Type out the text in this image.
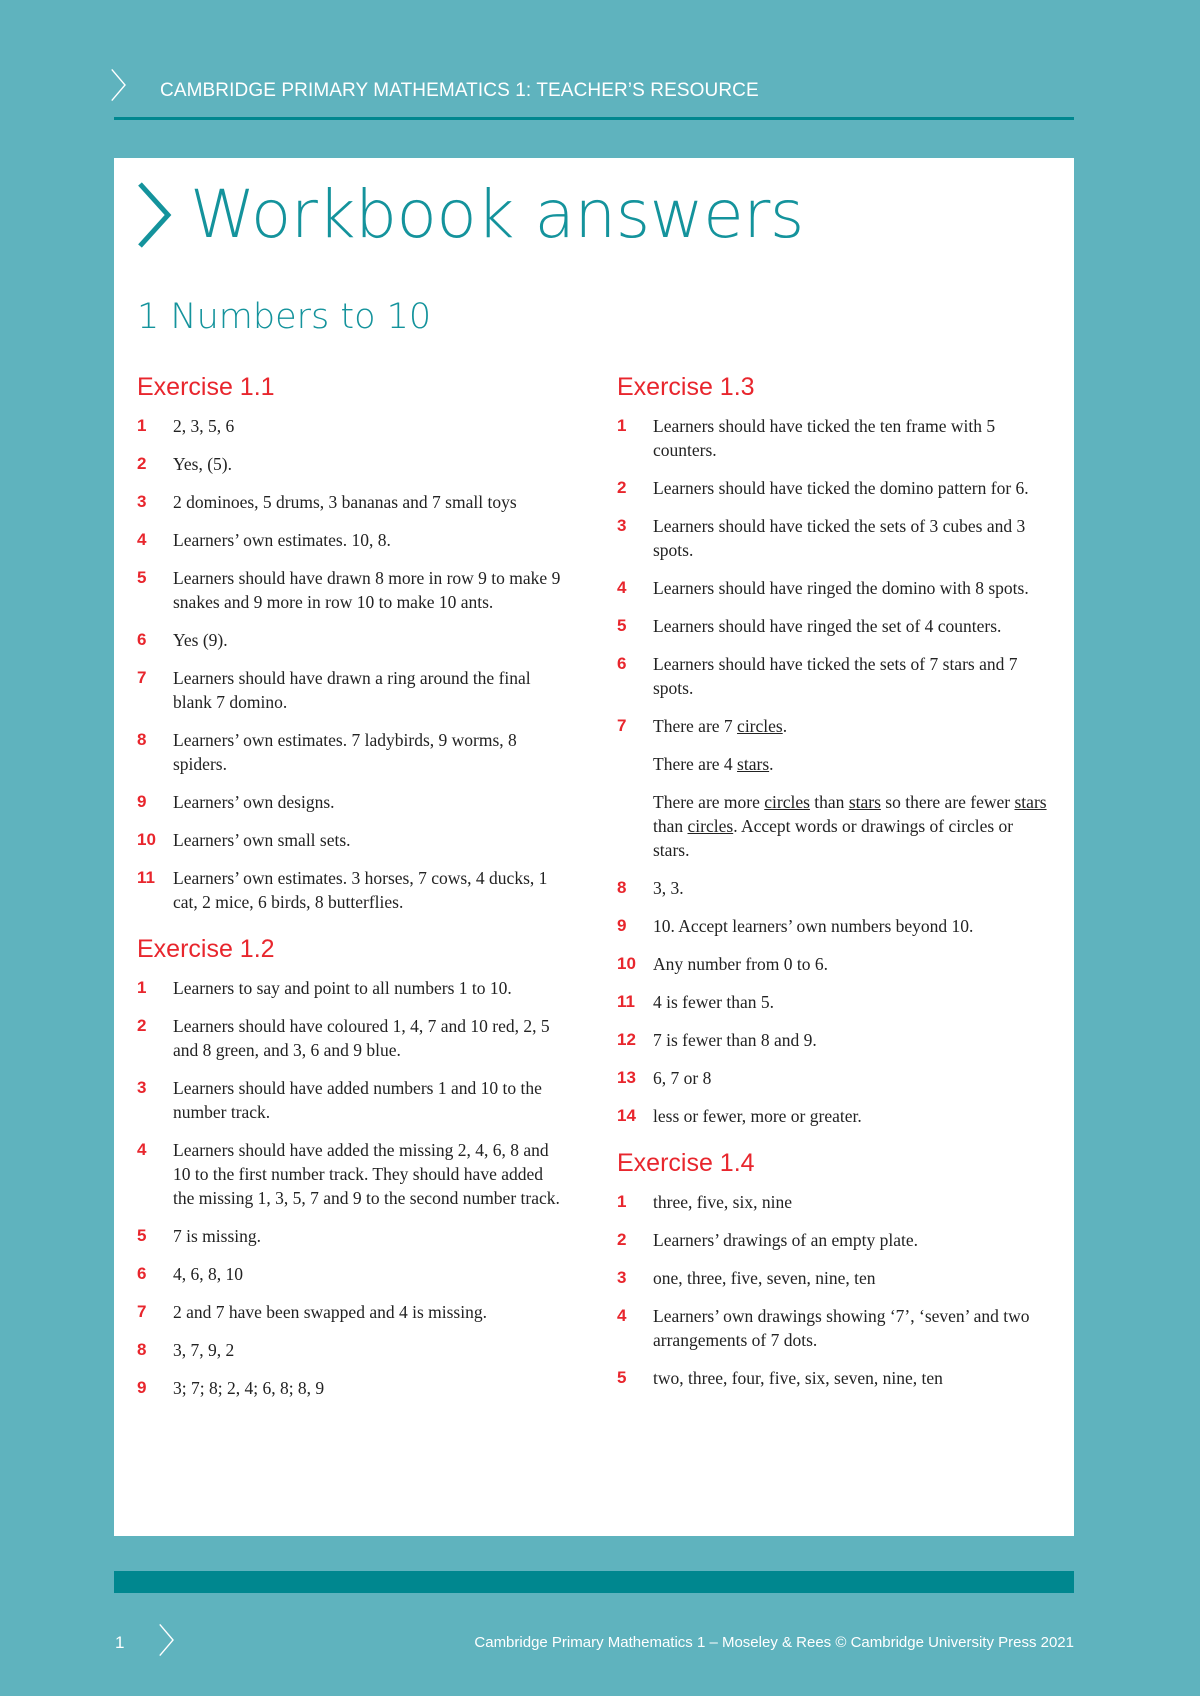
〉 CAMBRIDGE PRIMARY MATHEMATICS 1: TEACHER’S RESOURCE
Workbook answers
1 Numbers to 10
Exercise 1.1
1	2, 3, 5, 6

2	Yes, (5).

3	2 dominoes, 5 drums, 3 bananas and 7 small toys

4	Learners’ own estimates. 10, 8.

5	Learners should have drawn 8 more in row 9 to make 9 snakes and 9 more in row 10 to make 10 ants.

6	Yes (9).

7	Learners should have drawn a ring around the final blank 7 domino.

8	Learners’ own estimates. 7 ladybirds, 9 worms, 8 spiders.

9	Learners’ own designs.

10 Learners’ own small sets.

11	Learners’ own estimates. 3 horses, 7 cows, 4 ducks, 1 cat, 2 mice, 6 birds, 8 butterflies.

Exercise 1.2
1	Learners to say and point to all numbers 1 to 10.

2	Learners should have coloured 1, 4, 7 and 10 red, 2, 5 and 8 green, and 3, 6 and 9 blue.

3	Learners should have added numbers 1 and 10 to the number track.

4	Learners should have added the missing 2, 4, 6, 8 and 10 to the first number track. They should have added the missing 1, 3, 5, 7 and 9 to the second number track.

5	7 is missing.

6	4, 6, 8, 10

7	2 and 7 have been swapped and 4 is missing.

8	3, 7, 9, 2

9	3; 7; 8; 2, 4; 6, 8; 8, 9

Exercise 1.3
1	Learners should have ticked the ten frame with 5 counters.

2	Learners should have ticked the domino pattern for 6.

3	Learners should have ticked the sets of 3 cubes and 3 spots.

4	Learners should have ringed the domino with 8 spots.

5	Learners should have ringed the set of 4 counters.

6	Learners should have ticked the sets of 7 stars and 7 spots.

7	There are 7 circles.

There are 4 stars.

There are more circles than stars so there are fewer stars than circles. Accept words or drawings of circles or stars.

8	3, 3.

9	10. Accept learners’ own numbers beyond 10.

10 Any number from 0 to 6.

11	4 is fewer than 5.

12 7 is fewer than 8 and 9.

13 6, 7 or 8

14 less or fewer, more or greater.

Exercise 1.4
1	three, five, six, nine

2	Learners’ drawings of an empty plate.

3	one, three, five, seven, nine, ten

4	Learners’ own drawings showing ‘7’, ‘seven’ and two arrangements of 7 dots.

5	two, three, four, five, six, seven, nine, ten

1 〉	Cambridge Primary Mathematics 1 – Moseley & Rees © Cambridge University Press 2021
